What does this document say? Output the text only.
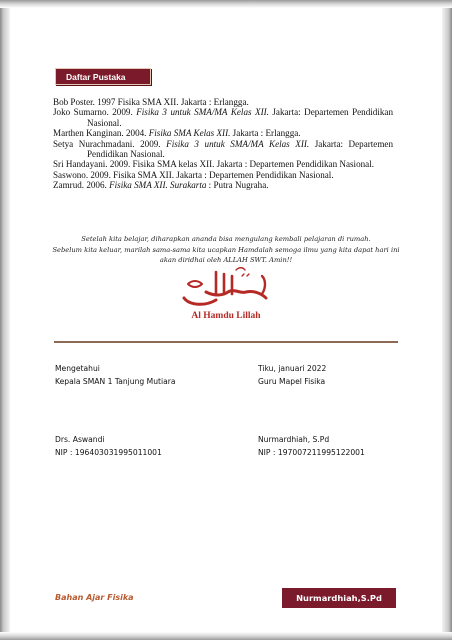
Daftar Pustaka

Bob Poster. 1997 Fisika SMA XII. Jakarta : Erlangga.

Joko Sumarno. 2009. Fisika 3 untuk SMA/MA Kelas XII. Jakarta: Departemen Pendidikan Nasional.

Marthen Kanginan. 2004. Fisika SMA Kelas XII. Jakarta : Erlangga.

Setya Nurachmadani. 2009. Fisika 3 untuk SMA/MA Kelas XII. Jakarta: Departemen Pendidikan Nasional.

Sri Handayani. 2009. Fisika SMA kelas XII. Jakarta : Departemen Pendidikan Nasional.

Saswono. 2009. Fisika SMA XII. Jakarta : Departemen Pendidikan Nasional.

Zamrud. 2006. Fisika SMA XII. Surakarta : Putra Nugraha.

Setelah kita belajar, diharapkan ananda bisa mengulang kembali pelajaran di rumah.
Sebelum kita keluar, marilah sama-sama kita ucapkan Hamdalah semoga ilmu yang kita dapat hari ini
akan diridhai oleh ALLAH SWT. Amin!!
Al Hamdu Lillah
Mengetahui
Kepala SMAN 1 Tanjung Mutiara
Tiku, januari 2022
Guru Mapel Fisika
Drs. Aswandi
NIP : 196403031995011001
Nurmardhiah, S.Pd
NIP : 197007211995122001
Bahan Ajar Fisika	Nurmardhiah,S.Pd
